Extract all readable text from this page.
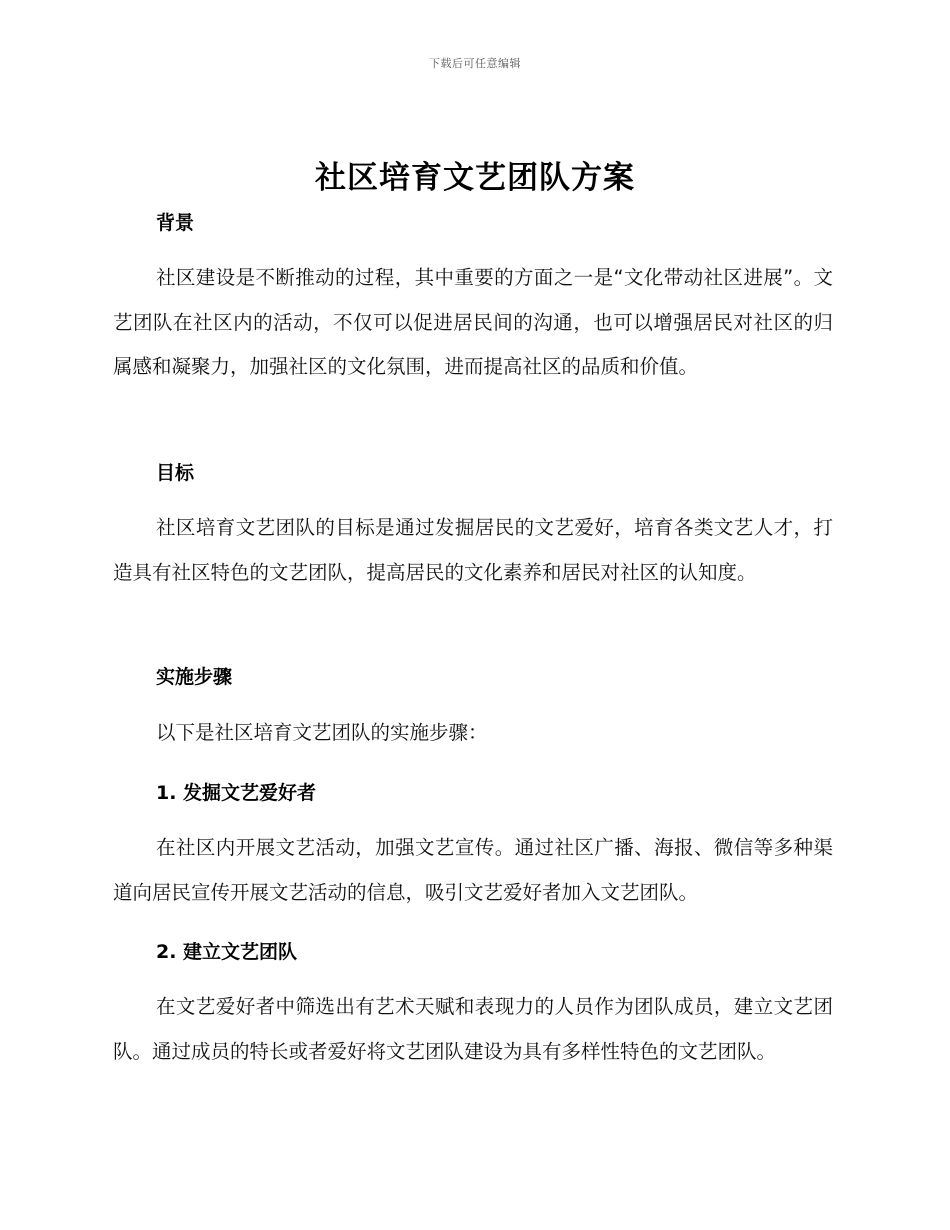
下载后可任意编辑
社区培育文艺团队方案
背景

社区建设是不断推动的过程，其中重要的方面之一是“文化带动社区进展”。文艺团队在社区内的活动，不仅可以促进居民间的沟通，也可以增强居民对社区的归属感和凝聚力，加强社区的文化氛围，进而提高社区的品质和价值。

目标

社区培育文艺团队的目标是通过发掘居民的文艺爱好，培育各类文艺人才，打造具有社区特色的文艺团队，提高居民的文化素养和居民对社区的认知度。

实施步骤

以下是社区培育文艺团队的实施步骤：

1. 发掘文艺爱好者

在社区内开展文艺活动，加强文艺宣传。通过社区广播、海报、微信等多种渠道向居民宣传开展文艺活动的信息，吸引文艺爱好者加入文艺团队。

2. 建立文艺团队

在文艺爱好者中筛选出有艺术天赋和表现力的人员作为团队成员，建立文艺团队。通过成员的特长或者爱好将文艺团队建设为具有多样性特色的文艺团队。
